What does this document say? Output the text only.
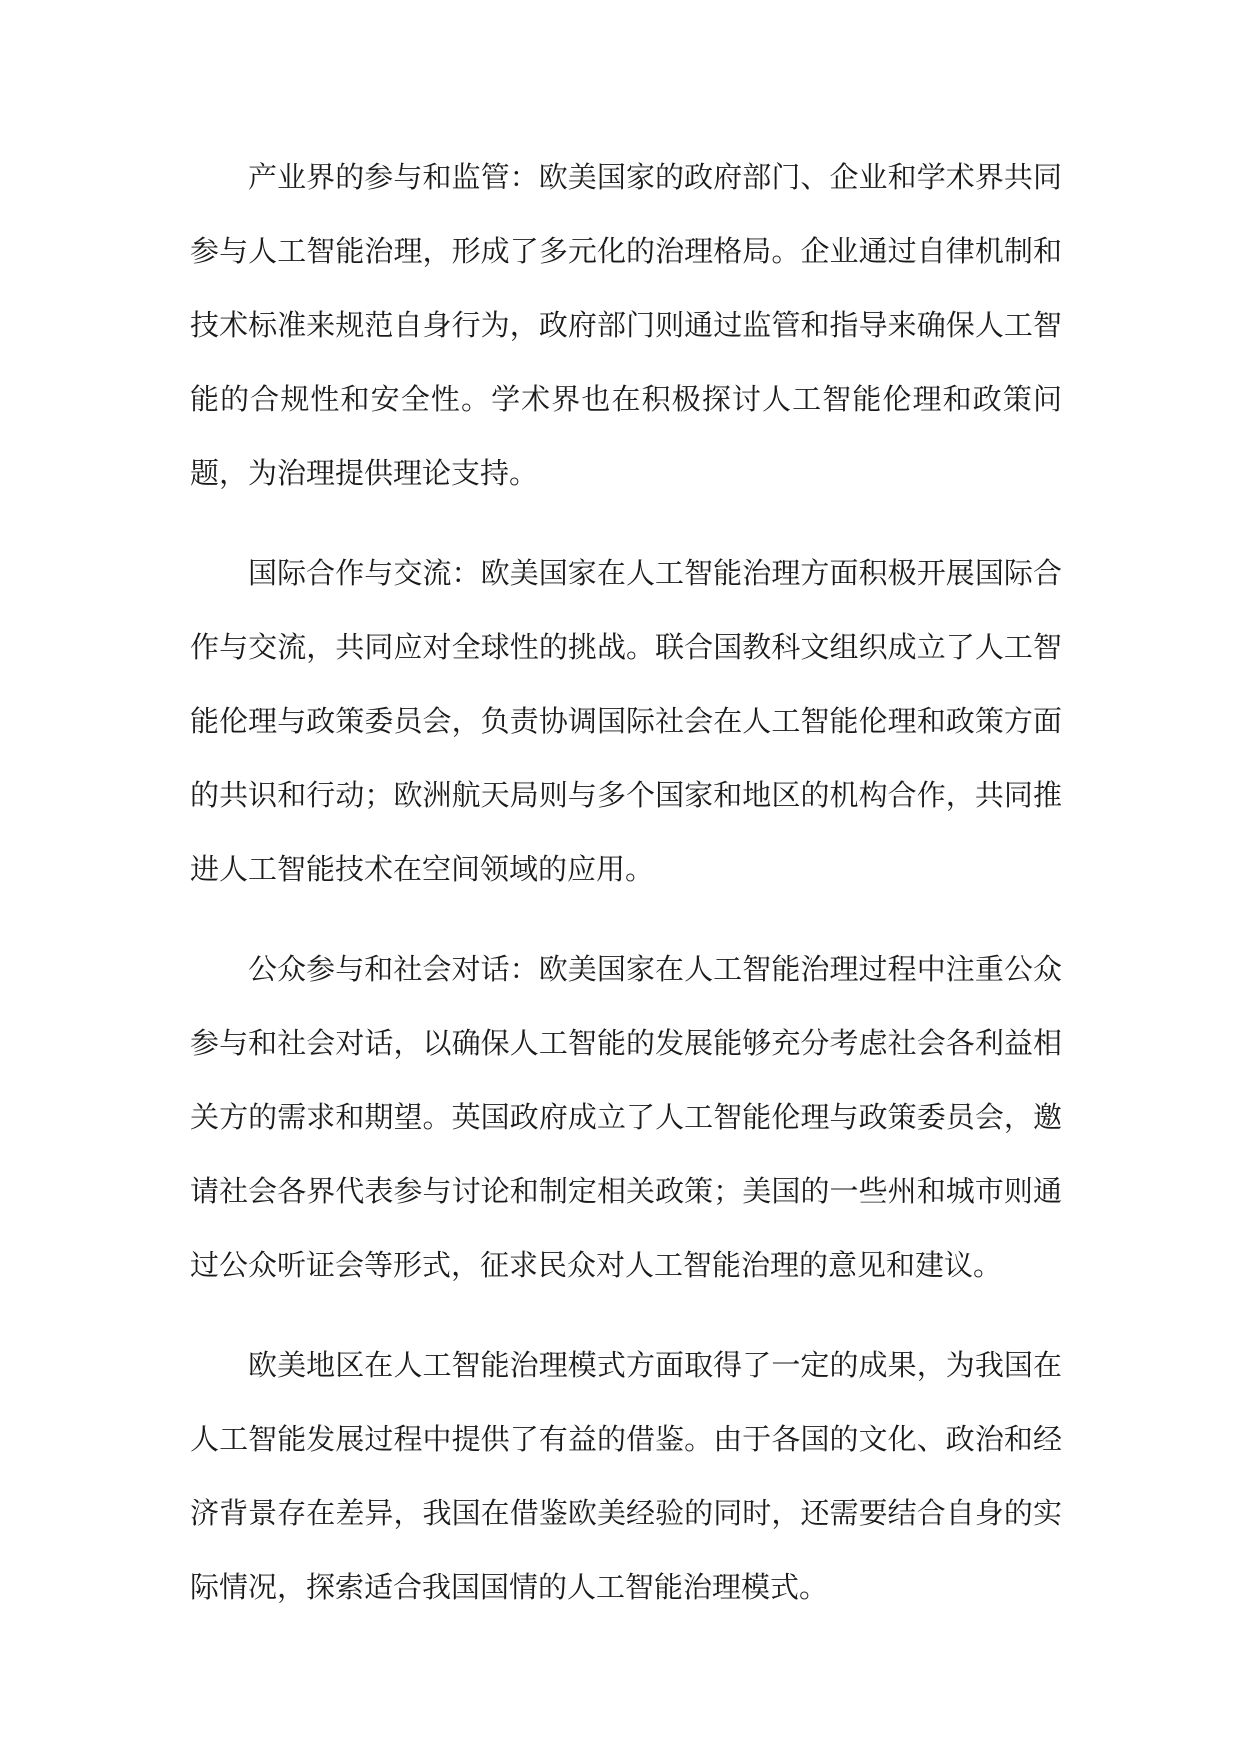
产业界的参与和监管：欧美国家的政府部门、企业和学术界共同参与人工智能治理，形成了多元化的治理格局。企业通过自律机制和技术标准来规范自身行为，政府部门则通过监管和指导来确保人工智能的合规性和安全性。学术界也在积极探讨人工智能伦理和政策问题，为治理提供理论支持。

国际合作与交流：欧美国家在人工智能治理方面积极开展国际合作与交流，共同应对全球性的挑战。联合国教科文组织成立了人工智能伦理与政策委员会，负责协调国际社会在人工智能伦理和政策方面的共识和行动；欧洲航天局则与多个国家和地区的机构合作，共同推进人工智能技术在空间领域的应用。

公众参与和社会对话：欧美国家在人工智能治理过程中注重公众参与和社会对话，以确保人工智能的发展能够充分考虑社会各利益相关方的需求和期望。英国政府成立了人工智能伦理与政策委员会，邀请社会各界代表参与讨论和制定相关政策；美国的一些州和城市则通过公众听证会等形式，征求民众对人工智能治理的意见和建议。

欧美地区在人工智能治理模式方面取得了一定的成果，为我国在人工智能发展过程中提供了有益的借鉴。由于各国的文化、政治和经济背景存在差异，我国在借鉴欧美经验的同时，还需要结合自身的实际情况，探索适合我国国情的人工智能治理模式。
